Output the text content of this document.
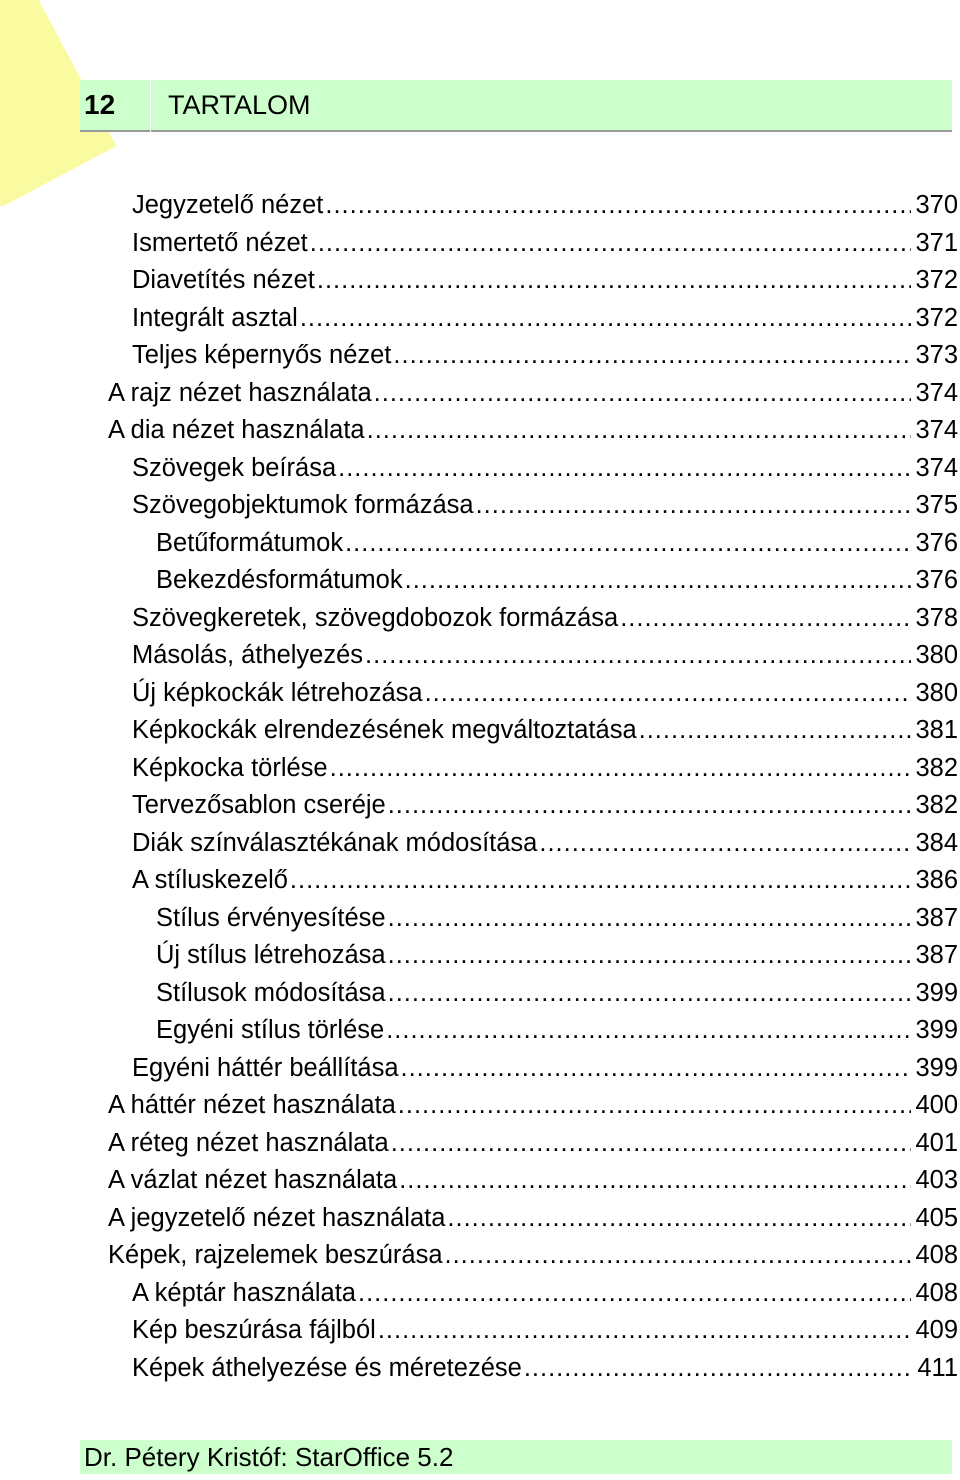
12 TARTALOM
Jegyzetelő nézet .....	370
Ismertető nézet .....	371
Diavetítés nézet .....	372
Integrált asztal .....	372
Teljes képernyős nézet .....	373
A rajz nézet használata .....	374
A dia nézet használata .....	374
Szövegek beírása .....	374
Szövegobjektumok formázása .....	375
Betűformátumok .....	376
Bekezdésformátumok .....	376
Szövegkeretek, szövegdobozok formázása .....	378
Másolás, áthelyezés .....	380
Új képkockák létrehozása .....	380
Képkockák elrendezésének megváltoztatása .....	381
Képkocka törlése .....	382
Tervezősablon cseréje .....	382
Diák színválasztékának módosítása .....	384
A stíluskezelő .....	386
Stílus érvényesítése .....	387
Új stílus létrehozása .....	387
Stílusok módosítása .....	399
Egyéni stílus törlése .....	399
Egyéni háttér beállítása .....	399
A háttér nézet használata .....	400
A réteg nézet használata .....	401
A vázlat nézet használata .....	403
A jegyzetelő nézet használata .....	405
Képek, rajzelemek beszúrása .....	408
A képtár használata .....	408
Kép beszúrása fájlból .....	409
Képek áthelyezése és méretezése .....	411
Dr. Pétery Kristóf: StarOffice 5.2
